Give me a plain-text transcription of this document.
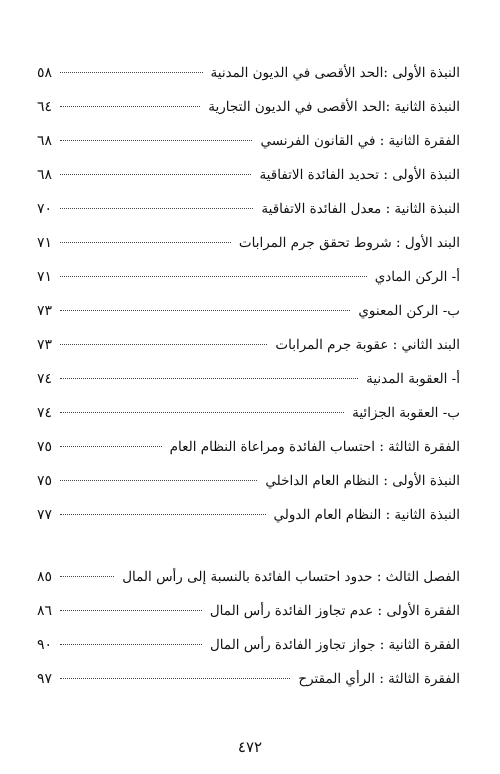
النبذة الأولى :الحد الأقصى في الديون المدنية
٥٨
النبذة الثانية :الحد الأقصى في الديون التجارية
٦٤
الفقرة الثانية : في القانون الفرنسي
٦٨
النبذة الأولى : تحديد الفائدة الاتفاقية
٦٨
النبذة الثانية : معدل الفائدة الاتفاقية
٧٠
البند الأول : شروط تحقق جرم المرابات
٧١
أ- الركن المادي
٧١
ب- الركن المعنوي
٧٣
البند الثاني : عقوبة جرم المرابات
٧٣
أ- العقوبة المدنية
٧٤
ب- العقوبة الجزائية
٧٤
الفقرة الثالثة : احتساب الفائدة ومراعاة النظام العام
٧٥
النبذة الأولى : النظام العام الداخلي
٧٥
النبذة الثانية : النظام العام الدولي
٧٧
الفصل الثالث : حدود احتساب الفائدة بالنسبة إلى رأس المال
٨٥
الفقرة الأولى : عدم تجاوز الفائدة رأس المال
٨٦
الفقرة الثانية : جواز تجاوز الفائدة رأس المال
٩٠
الفقرة الثالثة : الرأي المقترح
٩٧
٤٧٢
